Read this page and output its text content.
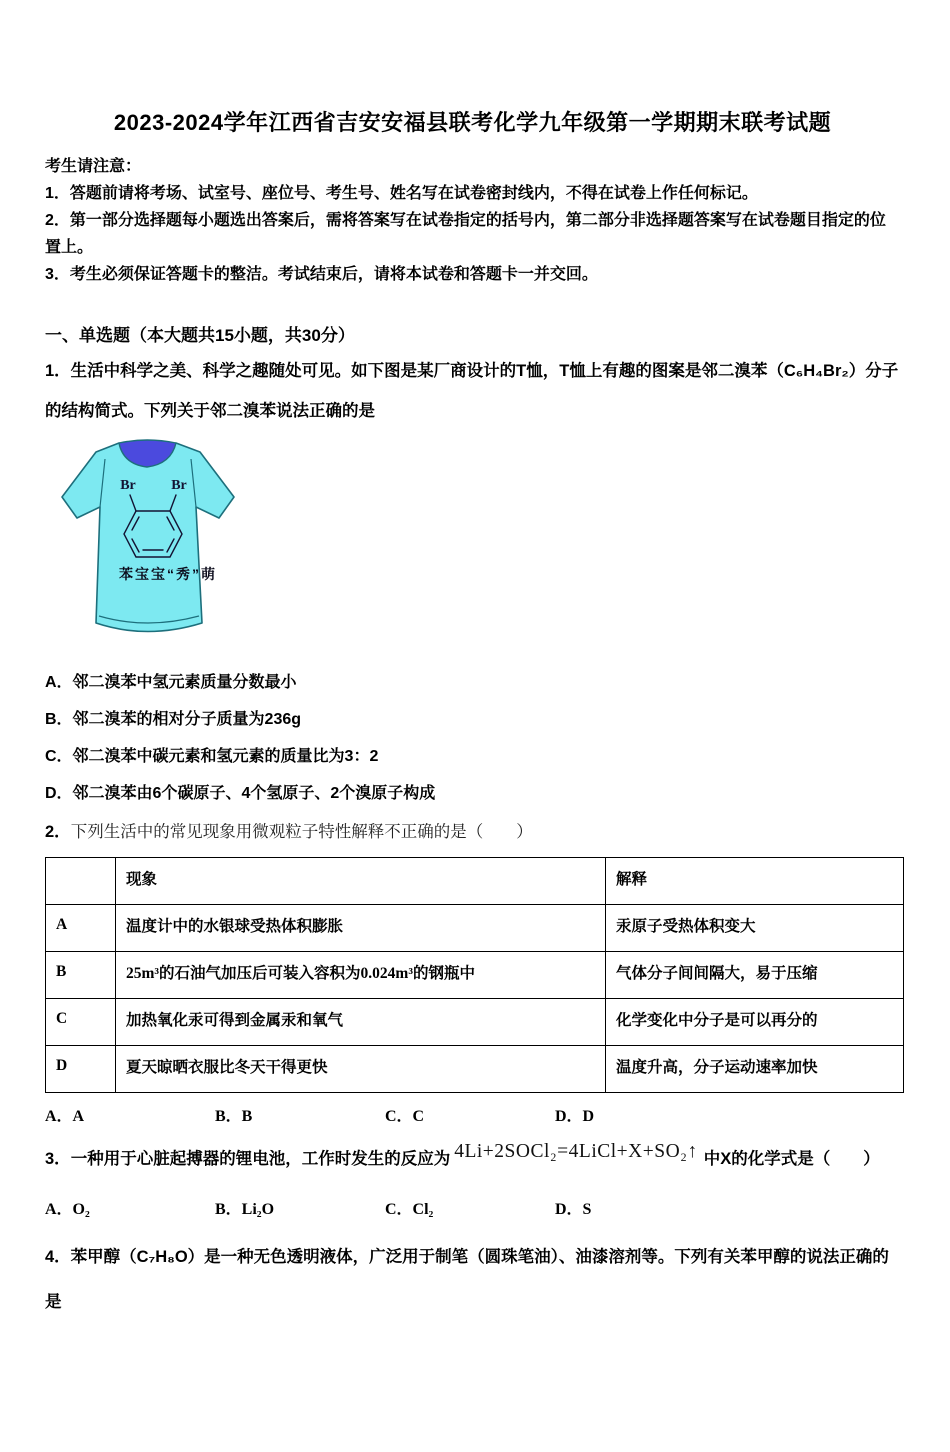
2023-2024学年江西省吉安安福县联考化学九年级第一学期期末联考试题
考生请注意：
1．答题前请将考场、试室号、座位号、考生号、姓名写在试卷密封线内，不得在试卷上作任何标记。
2．第一部分选择题每小题选出答案后，需将答案写在试卷指定的括号内，第二部分非选择题答案写在试卷题目指定的位置上。
3．考生必须保证答题卡的整洁。考试结束后，请将本试卷和答题卡一并交回。
一、单选题（本大题共15小题，共30分）
1．生活中科学之美、科学之趣随处可见。如下图是某厂商设计的T恤，T恤上有趣的图案是邻二溴苯（C₆H₄Br₂）分子的结构简式。下列关于邻二溴苯说法正确的是
Br	Br
苯宝宝“秀”萌
A．邻二溴苯中氢元素质量分数最小
B．邻二溴苯的相对分子质量为236g
C．邻二溴苯中碳元素和氢元素的质量比为3：2
D．邻二溴苯由6个碳原子、4个氢原子、2个溴原子构成
2．下列生活中的常见现象用微观粒子特性解释不正确的是（　　）
	现象	解释
A	温度计中的水银球受热体积膨胀	汞原子受热体积变大
B	25m³的石油气加压后可装入容积为0.024m³的钢瓶中	气体分子间间隔大，易于压缩
C	加热氧化汞可得到金属汞和氧气	化学变化中分子是可以再分的
D	夏天晾晒衣服比冬天干得更快	温度升高，分子运动速率加快
A．A	B．B	C．C	D．D
3．一种用于心脏起搏器的锂电池，工作时发生的反应为 4Li+2SOCl₂=4LiCl+X+SO₂↑ 中X的化学式是（　　）
A．O₂	B．Li₂O	C．Cl₂	D．S
4．苯甲醇（C₇H₈O）是一种无色透明液体，广泛用于制笔（圆珠笔油）、油漆溶剂等。下列有关苯甲醇的说法正确的是
